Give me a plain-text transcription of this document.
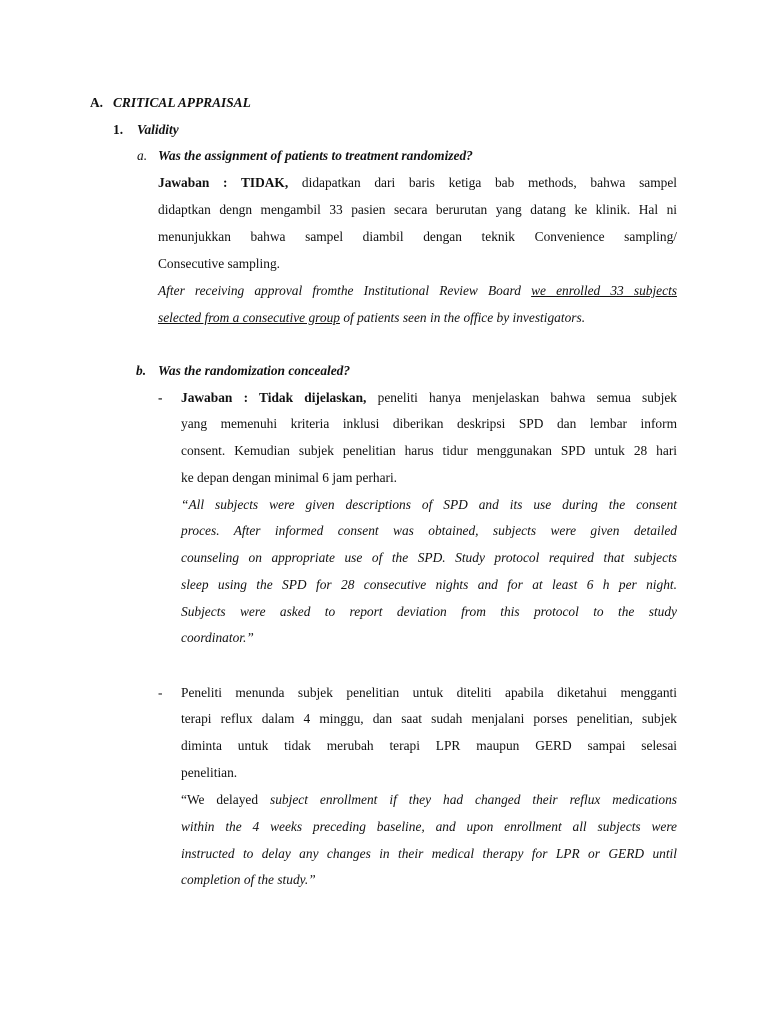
A. CRITICAL APPRAISAL
1. Validity
a. Was the assignment of patients to treatment randomized?
Jawaban : TIDAK, didapatkan dari baris ketiga bab methods, bahwa sampel
didaptkan dengn mengambil 33 pasien secara berurutan yang datang ke klinik. Hal ni
menunjukkan bahwa sampel diambil dengan teknik Convenience sampling/
Consecutive sampling.
After receiving approval fromthe Institutional Review Board we enrolled 33 subjects
selected from a consecutive group of patients seen in the office by investigators.
b. Was the randomization concealed?
- Jawaban : Tidak dijelaskan, peneliti hanya menjelaskan bahwa semua subjek
yang memenuhi kriteria inklusi diberikan deskripsi SPD dan lembar inform
consent. Kemudian subjek penelitian harus tidur menggunakan SPD untuk 28 hari
ke depan dengan minimal 6 jam perhari.
“All subjects were given descriptions of SPD and its use during the consent
proces. After informed consent was obtained, subjects were given detailed
counseling on appropriate use of the SPD. Study protocol required that subjects
sleep using the SPD for 28 consecutive nights and for at least 6 h per night.
Subjects were asked to report deviation from this protocol to the study
coordinator.”
- Peneliti menunda subjek penelitian untuk diteliti apabila diketahui mengganti
terapi reflux dalam 4 minggu, dan saat sudah menjalani porses penelitian, subjek
diminta untuk tidak merubah terapi LPR maupun GERD sampai selesai
penelitian.
“We delayed subject enrollment if they had changed their reflux medications
within the 4 weeks preceding baseline, and upon enrollment all subjects were
instructed to delay any changes in their medical therapy for LPR or GERD until
completion of the study.”
